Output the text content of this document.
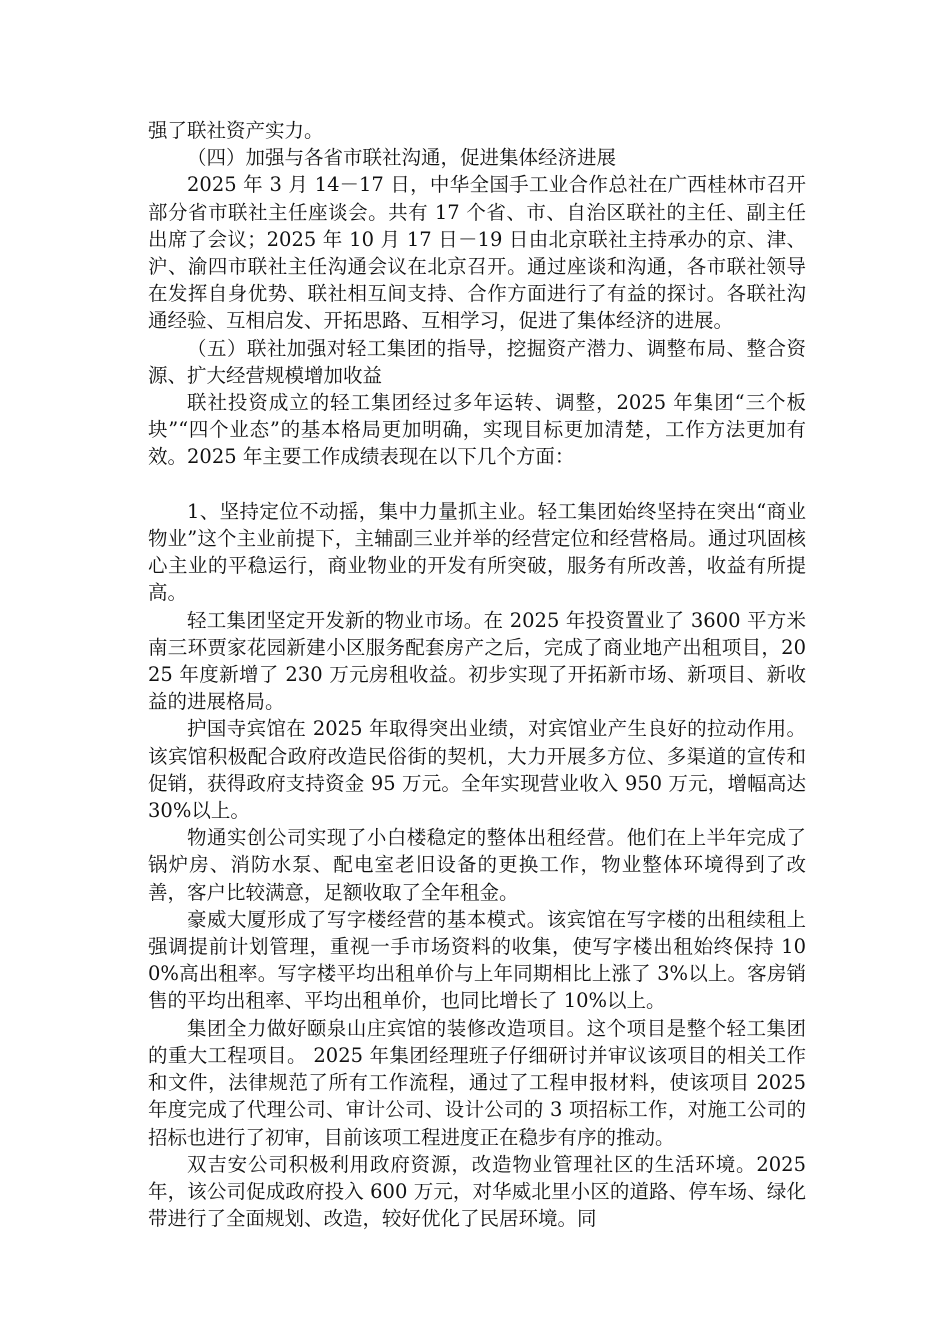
强了联社资产实力。

（四）加强与各省市联社沟通，促进集体经济进展

2025 年 3 月 14－17 日，中华全国手工业合作总社在广西桂林市召开部分省市联社主任座谈会。共有 17 个省、市、自治区联社的主任、副主任出席了会议；2025 年 10 月 17 日－19 日由北京联社主持承办的京、津、沪、渝四市联社主任沟通会议在北京召开。通过座谈和沟通，各市联社领导在发挥自身优势、联社相互间支持、合作方面进行了有益的探讨。各联社沟通经验、互相启发、开拓思路、互相学习，促进了集体经济的进展。

（五）联社加强对轻工集团的指导，挖掘资产潜力、调整布局、整合资源、扩大经营规模增加收益

联社投资成立的轻工集团经过多年运转、调整，2025 年集团“三个板块”“四个业态”的基本格局更加明确，实现目标更加清楚，工作方法更加有效。2025 年主要工作成绩表现在以下几个方面：

1、坚持定位不动摇，集中力量抓主业。轻工集团始终坚持在突出“商业物业”这个主业前提下，主辅副三业并举的经营定位和经营格局。通过巩固核心主业的平稳运行，商业物业的开发有所突破，服务有所改善，收益有所提高。

轻工集团坚定开发新的物业市场。在 2025 年投资置业了 3600 平方米南三环贾家花园新建小区服务配套房产之后，完成了商业地产出租项目，2025 年度新增了 230 万元房租收益。初步实现了开拓新市场、新项目、新收益的进展格局。

护国寺宾馆在 2025 年取得突出业绩，对宾馆业产生良好的拉动作用。该宾馆积极配合政府改造民俗街的契机，大力开展多方位、多渠道的宣传和促销，获得政府支持资金 95 万元。全年实现营业收入 950 万元，增幅高达 30%以上。

物通实创公司实现了小白楼稳定的整体出租经营。他们在上半年完成了锅炉房、消防水泵、配电室老旧设备的更换工作，物业整体环境得到了改善，客户比较满意，足额收取了全年租金。

豪威大厦形成了写字楼经营的基本模式。该宾馆在写字楼的出租续租上强调提前计划管理，重视一手市场资料的收集，使写字楼出租始终保持 100%高出租率。写字楼平均出租单价与上年同期相比上涨了 3%以上。客房销售的平均出租率、平均出租单价，也同比增长了 10%以上。

集团全力做好颐泉山庄宾馆的装修改造项目。这个项目是整个轻工集团的重大工程项目。 2025 年集团经理班子仔细研讨并审议该项目的相关工作和文件，法律规范了所有工作流程，通过了工程申报材料，使该项目 2025 年度完成了代理公司、审计公司、设计公司的 3 项招标工作，对施工公司的招标也进行了初审，目前该项工程进度正在稳步有序的推动。

双吉安公司积极利用政府资源，改造物业管理社区的生活环境。2025 年，该公司促成政府投入 600 万元，对华威北里小区的道路、停车场、绿化带进行了全面规划、改造，较好优化了民居环境。同
